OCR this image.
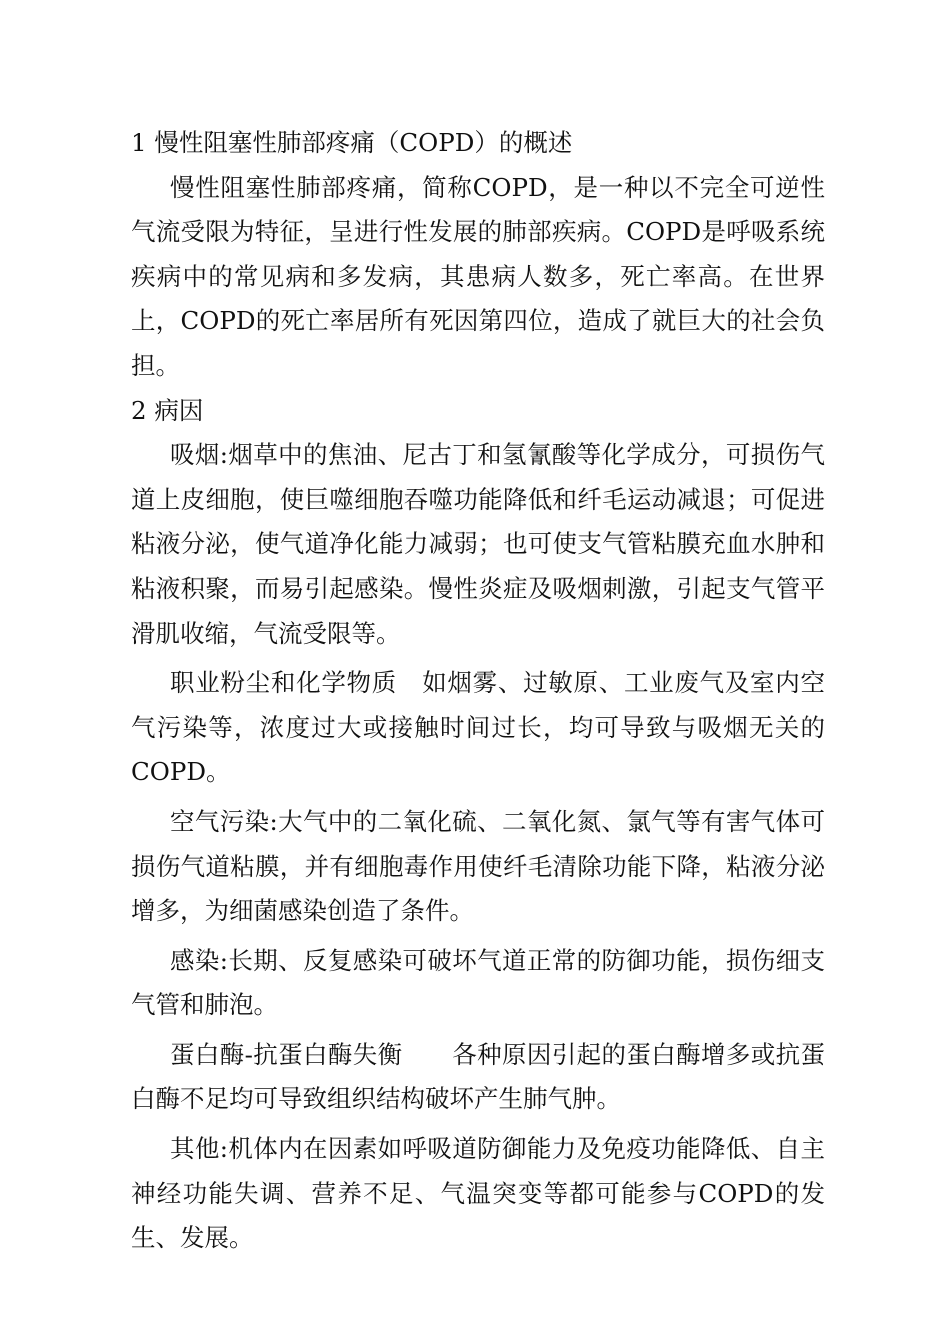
1 慢性阻塞性肺部疼痛（COPD）的概述

慢性阻塞性肺部疼痛，简称COPD，是一种以不完全可逆性气流受限为特征，呈进行性发展的肺部疾病。COPD是呼吸系统疾病中的常见病和多发病，其患病人数多，死亡率高。在世界上，COPD的死亡率居所有死因第四位，造成了就巨大的社会负担。

2 病因

吸烟:烟草中的焦油、尼古丁和氢氰酸等化学成分，可损伤气道上皮细胞，使巨噬细胞吞噬功能降低和纤毛运动减退；可促进粘液分泌，使气道净化能力减弱；也可使支气管粘膜充血水肿和粘液积聚，而易引起感染。慢性炎症及吸烟刺激，引起支气管平滑肌收缩，气流受限等。

职业粉尘和化学物质　如烟雾、过敏原、工业废气及室内空气污染等，浓度过大或接触时间过长，均可导致与吸烟无关的COPD。

空气污染:大气中的二氧化硫、二氧化氮、氯气等有害气体可损伤气道粘膜，并有细胞毒作用使纤毛清除功能下降，粘液分泌增多，为细菌感染创造了条件。

感染:长期、反复感染可破坏气道正常的防御功能，损伤细支气管和肺泡。

蛋白酶-抗蛋白酶失衡　　各种原因引起的蛋白酶增多或抗蛋白酶不足均可导致组织结构破坏产生肺气肿。

其他:机体内在因素如呼吸道防御能力及免疫功能降低、自主神经功能失调、营养不足、气温突变等都可能参与COPD的发生、发展。
